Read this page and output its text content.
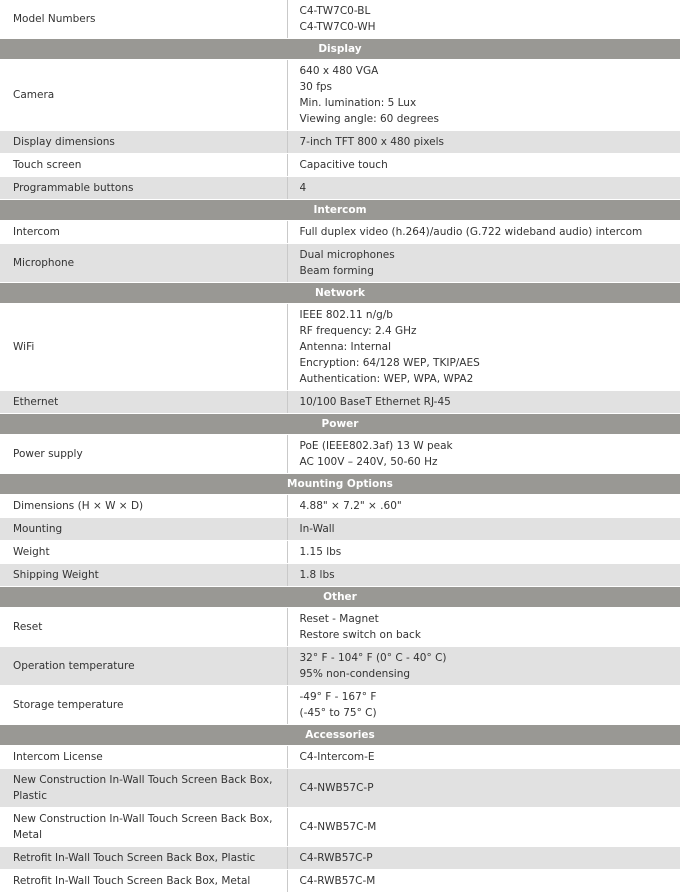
Model Numbers	C4-TW7C0-BL
C4-TW7C0-WH

Display	
Camera	640 x 480 VGA
30 fps
Min. lumination: 5 Lux
Viewing angle: 60 degrees

Display dimensions	7-inch TFT 800 x 480 pixels

Touch screen	Capacitive touch

Programmable buttons	4

Intercom	
Intercom	Full duplex video (h.264)/audio (G.722 wideband audio) intercom

Microphone	Dual microphones
Beam forming

Network	
WiFi	IEEE 802.11 n/g/b
RF frequency: 2.4 GHz
Antenna: Internal
Encryption: 64/128 WEP, TKIP/AES
Authentication: WEP, WPA, WPA2

Ethernet	10/100 BaseT Ethernet RJ-45

Power	
Power supply	PoE (IEEE802.3af) 13 W peak
AC 100V – 240V, 50-60 Hz

Mounting Options	
Dimensions (H × W × D)	4.88" × 7.2" × .60"

Mounting	In-Wall

Weight	1.15 lbs

Shipping Weight	1.8 lbs

Other	
Reset	Reset - Magnet
Restore switch on back

Operation temperature	32° F - 104° F (0° C - 40° C)
95% non-condensing

Storage temperature	-49° F - 167° F
(-45° to 75° C)

Accessories	
Intercom License	C4-Intercom-E

New Construction In-Wall Touch Screen Back Box, Plastic	C4-NWB57C-P

New Construction In-Wall Touch Screen Back Box, Metal	C4-NWB57C-M

Retrofit In-Wall Touch Screen Back Box, Plastic	C4-RWB57C-P

Retrofit In-Wall Touch Screen Back Box, Metal	C4-RWB57C-M
